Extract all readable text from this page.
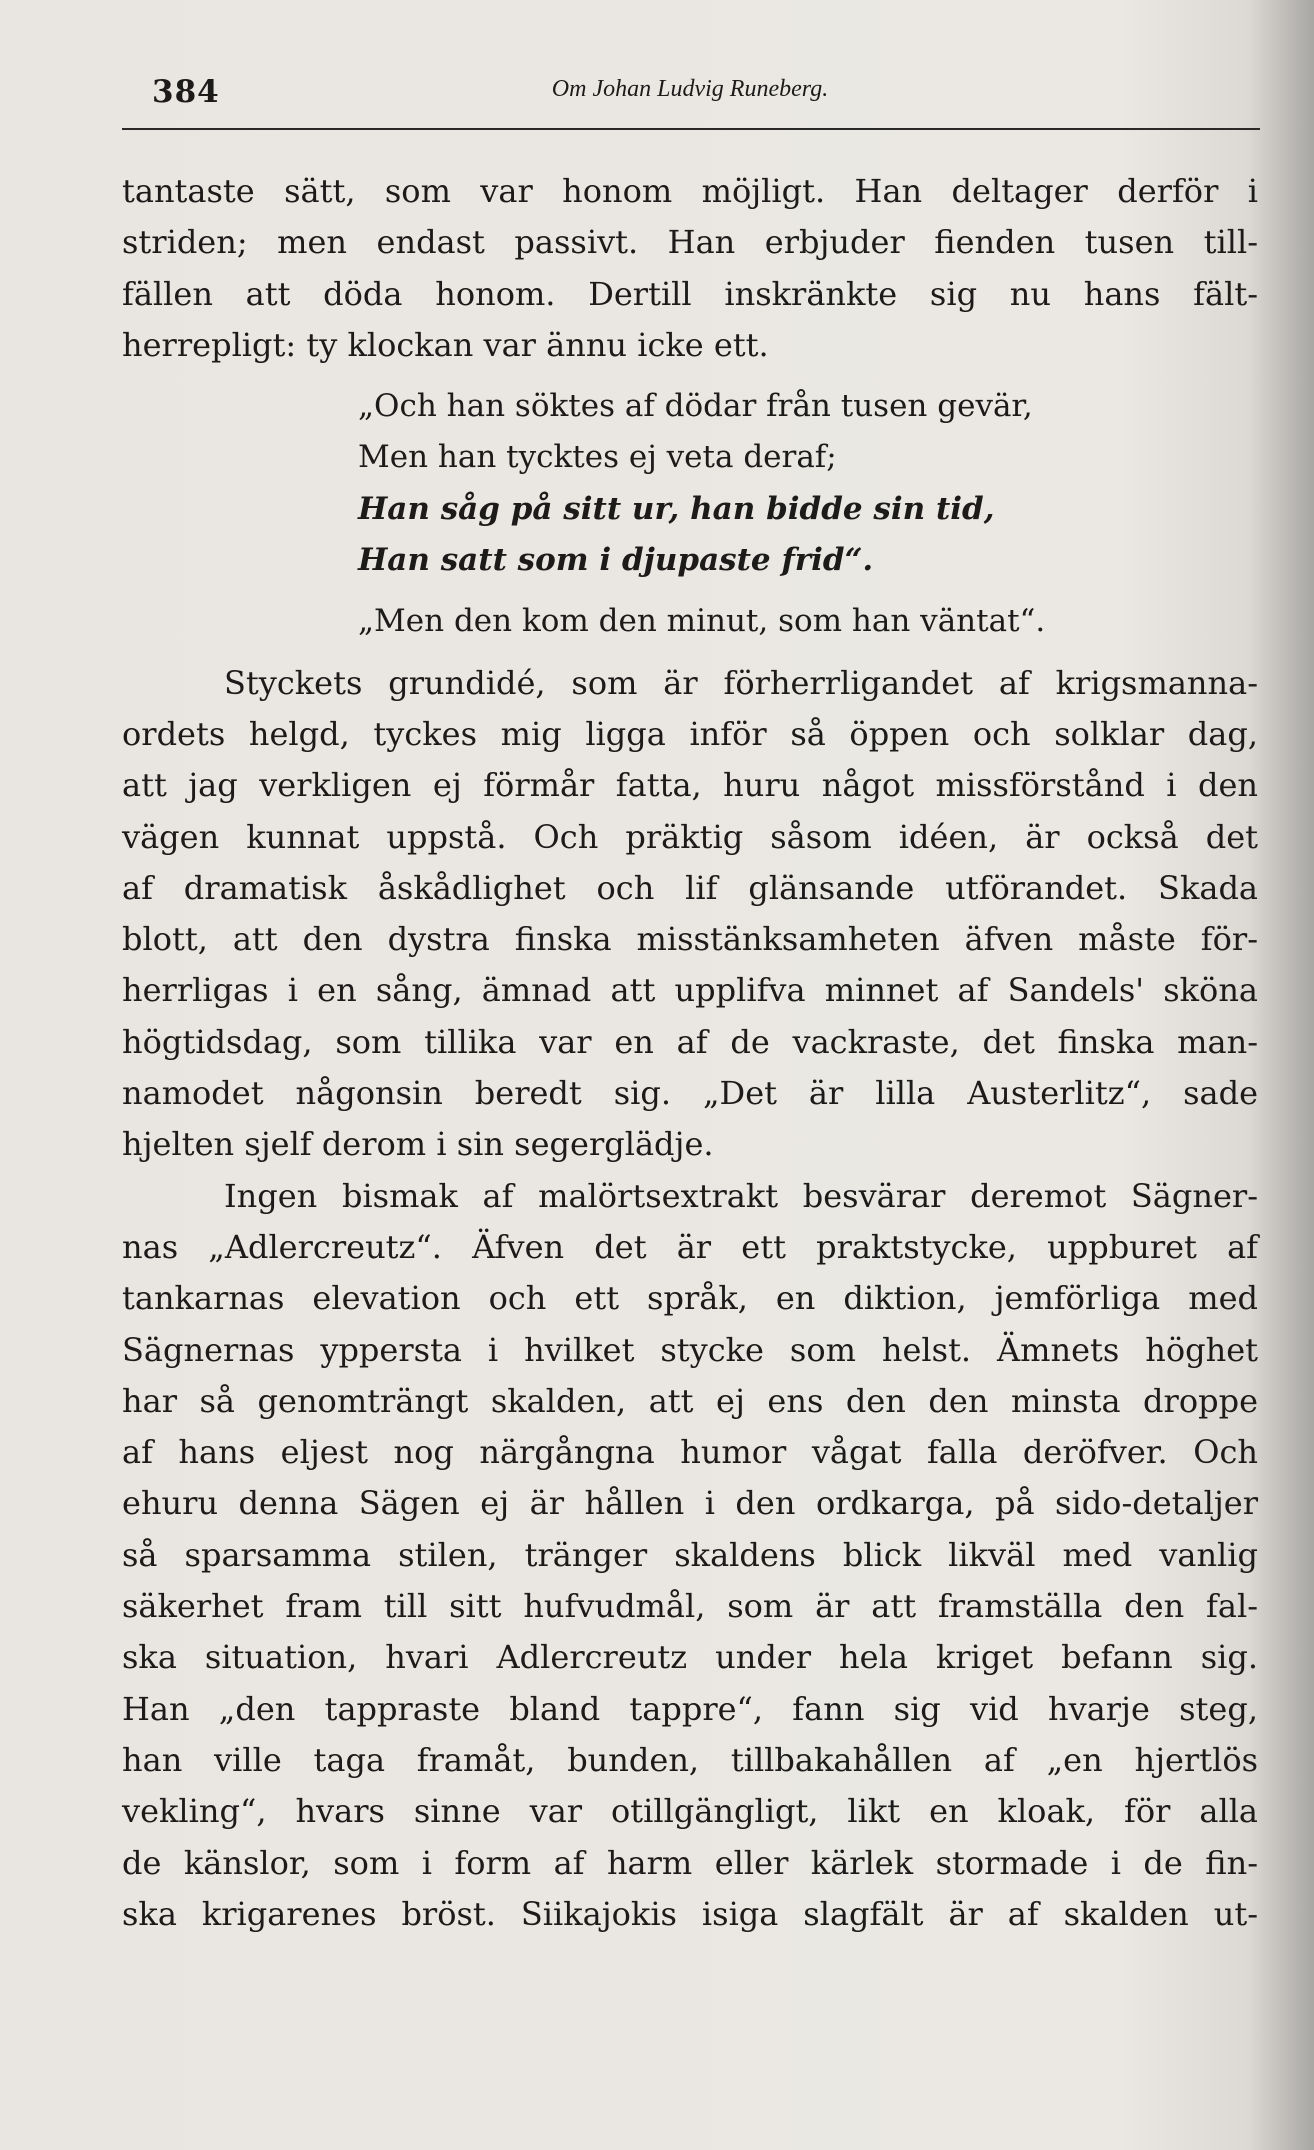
384	Om Johan Ludvig Runeberg.
tantaste sätt, som var honom möjligt. Han deltager derför i
striden; men endast passivt. Han erbjuder fienden tusen till-
fällen att döda honom. Dertill inskränkte sig nu hans fält-
herrepligt: ty klockan var ännu icke ett.
„Och han söktes af dödar från tusen gevär,
Men han tycktes ej veta deraf;
Han såg på sitt ur, han bidde sin tid,
Han satt som i djupaste frid“.
„Men den kom den minut, som han väntat“.
Styckets grundidé, som är förherrligandet af krigsmanna-
ordets helgd, tyckes mig ligga inför så öppen och solklar dag,
att jag verkligen ej förmår fatta, huru något missförstånd i den
vägen kunnat uppstå. Och präktig såsom idéen, är också det
af dramatisk åskådlighet och lif glänsande utförandet. Skada
blott, att den dystra finska misstänksamheten äfven måste för-
herrligas i en sång, ämnad att upplifva minnet af Sandels' sköna
högtidsdag, som tillika var en af de vackraste, det finska man-
namodet någonsin beredt sig. „Det är lilla Austerlitz“, sade
hjelten sjelf derom i sin segerglädje.
Ingen bismak af malörtsextrakt besvärar deremot Sägner-
nas „Adlercreutz“. Äfven det är ett praktstycke, uppburet af
tankarnas elevation och ett språk, en diktion, jemförliga med
Sägnernas yppersta i hvilket stycke som helst. Ämnets höghet
har så genomträngt skalden, att ej ens den den minsta droppe
af hans eljest nog närgångna humor vågat falla deröfver. Och
ehuru denna Sägen ej är hållen i den ordkarga, på sido-detaljer
så sparsamma stilen, tränger skaldens blick likväl med vanlig
säkerhet fram till sitt hufvudmål, som är att framställa den fal-
ska situation, hvari Adlercreutz under hela kriget befann sig.
Han „den tappraste bland tappre“, fann sig vid hvarje steg,
han ville taga framåt, bunden, tillbakahållen af „en hjertlös
vekling“, hvars sinne var otillgängligt, likt en kloak, för alla
de känslor, som i form af harm eller kärlek stormade i de fin-
ska krigarenes bröst. Siikajokis isiga slagfält är af skalden ut-
